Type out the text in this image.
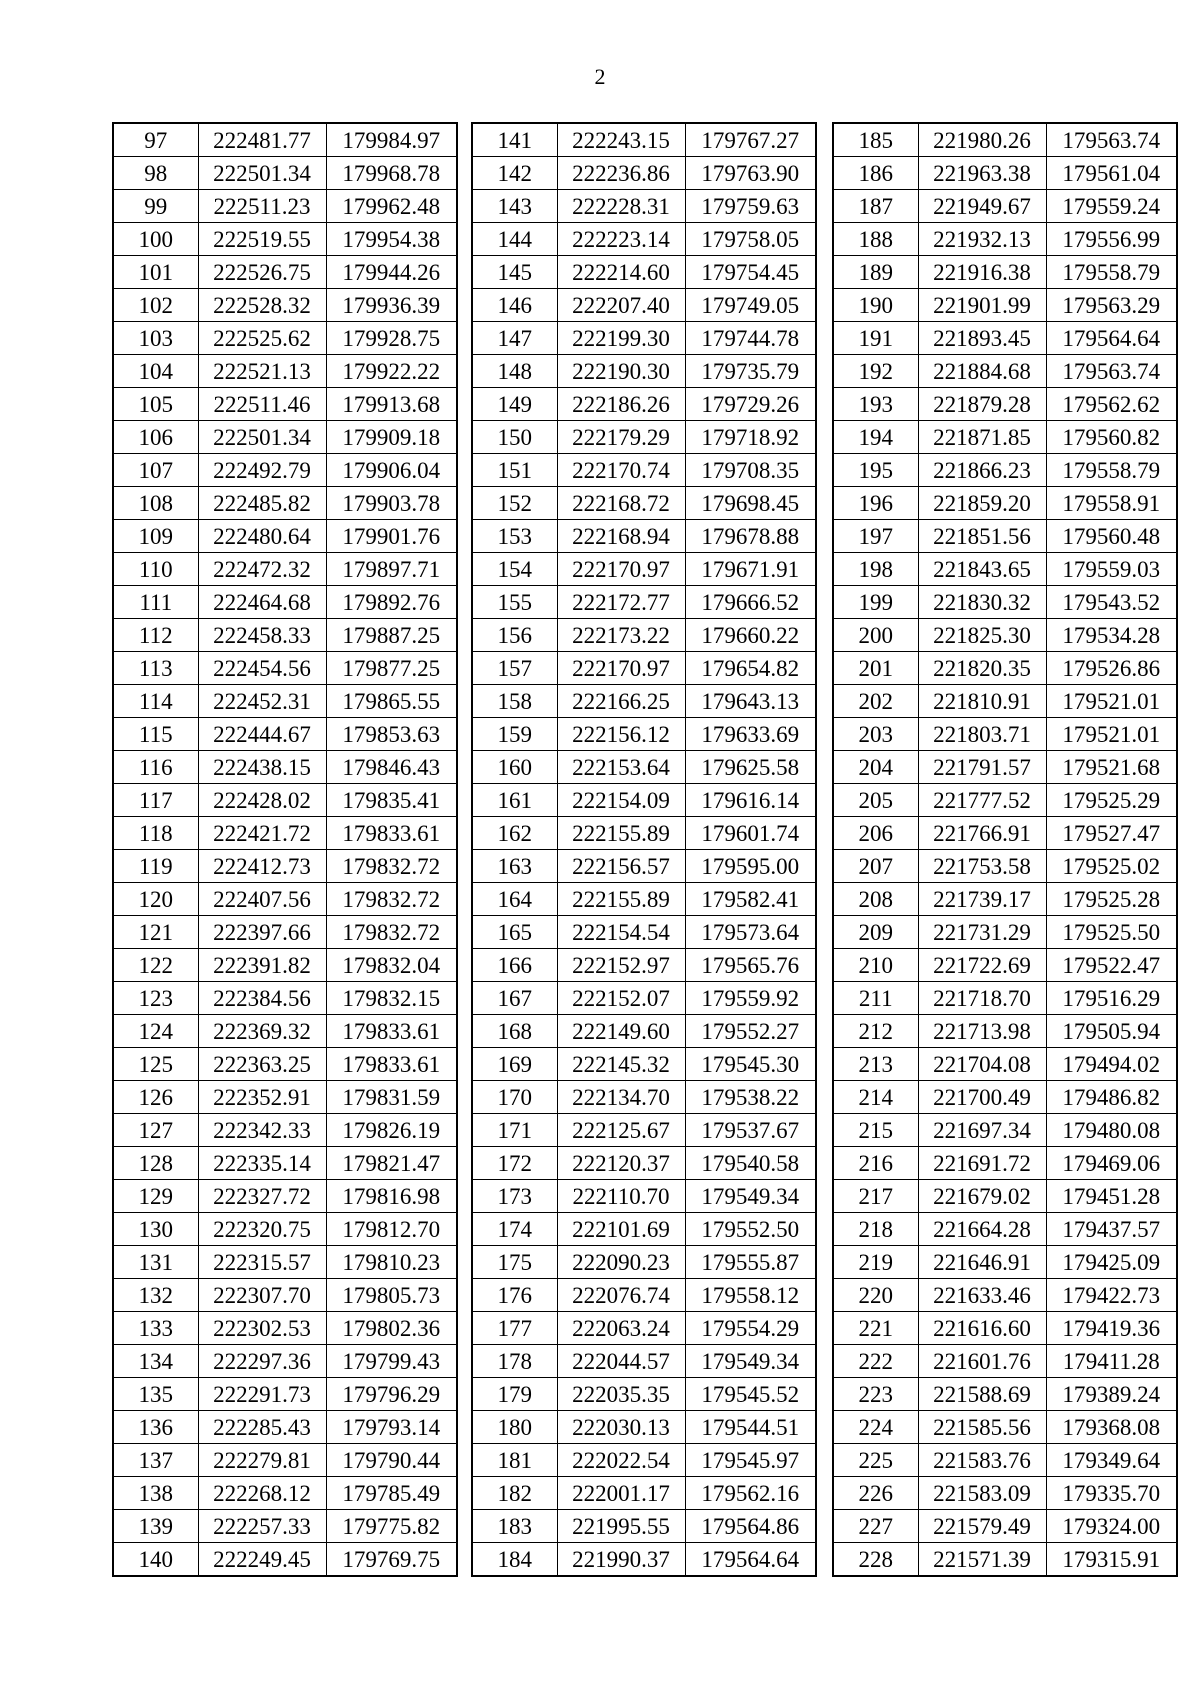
2
97	222481.77	179984.97
98	222501.34	179968.78
99	222511.23	179962.48
100	222519.55	179954.38
101	222526.75	179944.26
102	222528.32	179936.39
103	222525.62	179928.75
104	222521.13	179922.22
105	222511.46	179913.68
106	222501.34	179909.18
107	222492.79	179906.04
108	222485.82	179903.78
109	222480.64	179901.76
110	222472.32	179897.71
111	222464.68	179892.76
112	222458.33	179887.25
113	222454.56	179877.25
114	222452.31	179865.55
115	222444.67	179853.63
116	222438.15	179846.43
117	222428.02	179835.41
118	222421.72	179833.61
119	222412.73	179832.72
120	222407.56	179832.72
121	222397.66	179832.72
122	222391.82	179832.04
123	222384.56	179832.15
124	222369.32	179833.61
125	222363.25	179833.61
126	222352.91	179831.59
127	222342.33	179826.19
128	222335.14	179821.47
129	222327.72	179816.98
130	222320.75	179812.70
131	222315.57	179810.23
132	222307.70	179805.73
133	222302.53	179802.36
134	222297.36	179799.43
135	222291.73	179796.29
136	222285.43	179793.14
137	222279.81	179790.44
138	222268.12	179785.49
139	222257.33	179775.82
140	222249.45	179769.75
141	222243.15	179767.27
142	222236.86	179763.90
143	222228.31	179759.63
144	222223.14	179758.05
145	222214.60	179754.45
146	222207.40	179749.05
147	222199.30	179744.78
148	222190.30	179735.79
149	222186.26	179729.26
150	222179.29	179718.92
151	222170.74	179708.35
152	222168.72	179698.45
153	222168.94	179678.88
154	222170.97	179671.91
155	222172.77	179666.52
156	222173.22	179660.22
157	222170.97	179654.82
158	222166.25	179643.13
159	222156.12	179633.69
160	222153.64	179625.58
161	222154.09	179616.14
162	222155.89	179601.74
163	222156.57	179595.00
164	222155.89	179582.41
165	222154.54	179573.64
166	222152.97	179565.76
167	222152.07	179559.92
168	222149.60	179552.27
169	222145.32	179545.30
170	222134.70	179538.22
171	222125.67	179537.67
172	222120.37	179540.58
173	222110.70	179549.34
174	222101.69	179552.50
175	222090.23	179555.87
176	222076.74	179558.12
177	222063.24	179554.29
178	222044.57	179549.34
179	222035.35	179545.52
180	222030.13	179544.51
181	222022.54	179545.97
182	222001.17	179562.16
183	221995.55	179564.86
184	221990.37	179564.64
185	221980.26	179563.74
186	221963.38	179561.04
187	221949.67	179559.24
188	221932.13	179556.99
189	221916.38	179558.79
190	221901.99	179563.29
191	221893.45	179564.64
192	221884.68	179563.74
193	221879.28	179562.62
194	221871.85	179560.82
195	221866.23	179558.79
196	221859.20	179558.91
197	221851.56	179560.48
198	221843.65	179559.03
199	221830.32	179543.52
200	221825.30	179534.28
201	221820.35	179526.86
202	221810.91	179521.01
203	221803.71	179521.01
204	221791.57	179521.68
205	221777.52	179525.29
206	221766.91	179527.47
207	221753.58	179525.02
208	221739.17	179525.28
209	221731.29	179525.50
210	221722.69	179522.47
211	221718.70	179516.29
212	221713.98	179505.94
213	221704.08	179494.02
214	221700.49	179486.82
215	221697.34	179480.08
216	221691.72	179469.06
217	221679.02	179451.28
218	221664.28	179437.57
219	221646.91	179425.09
220	221633.46	179422.73
221	221616.60	179419.36
222	221601.76	179411.28
223	221588.69	179389.24
224	221585.56	179368.08
225	221583.76	179349.64
226	221583.09	179335.70
227	221579.49	179324.00
228	221571.39	179315.91
